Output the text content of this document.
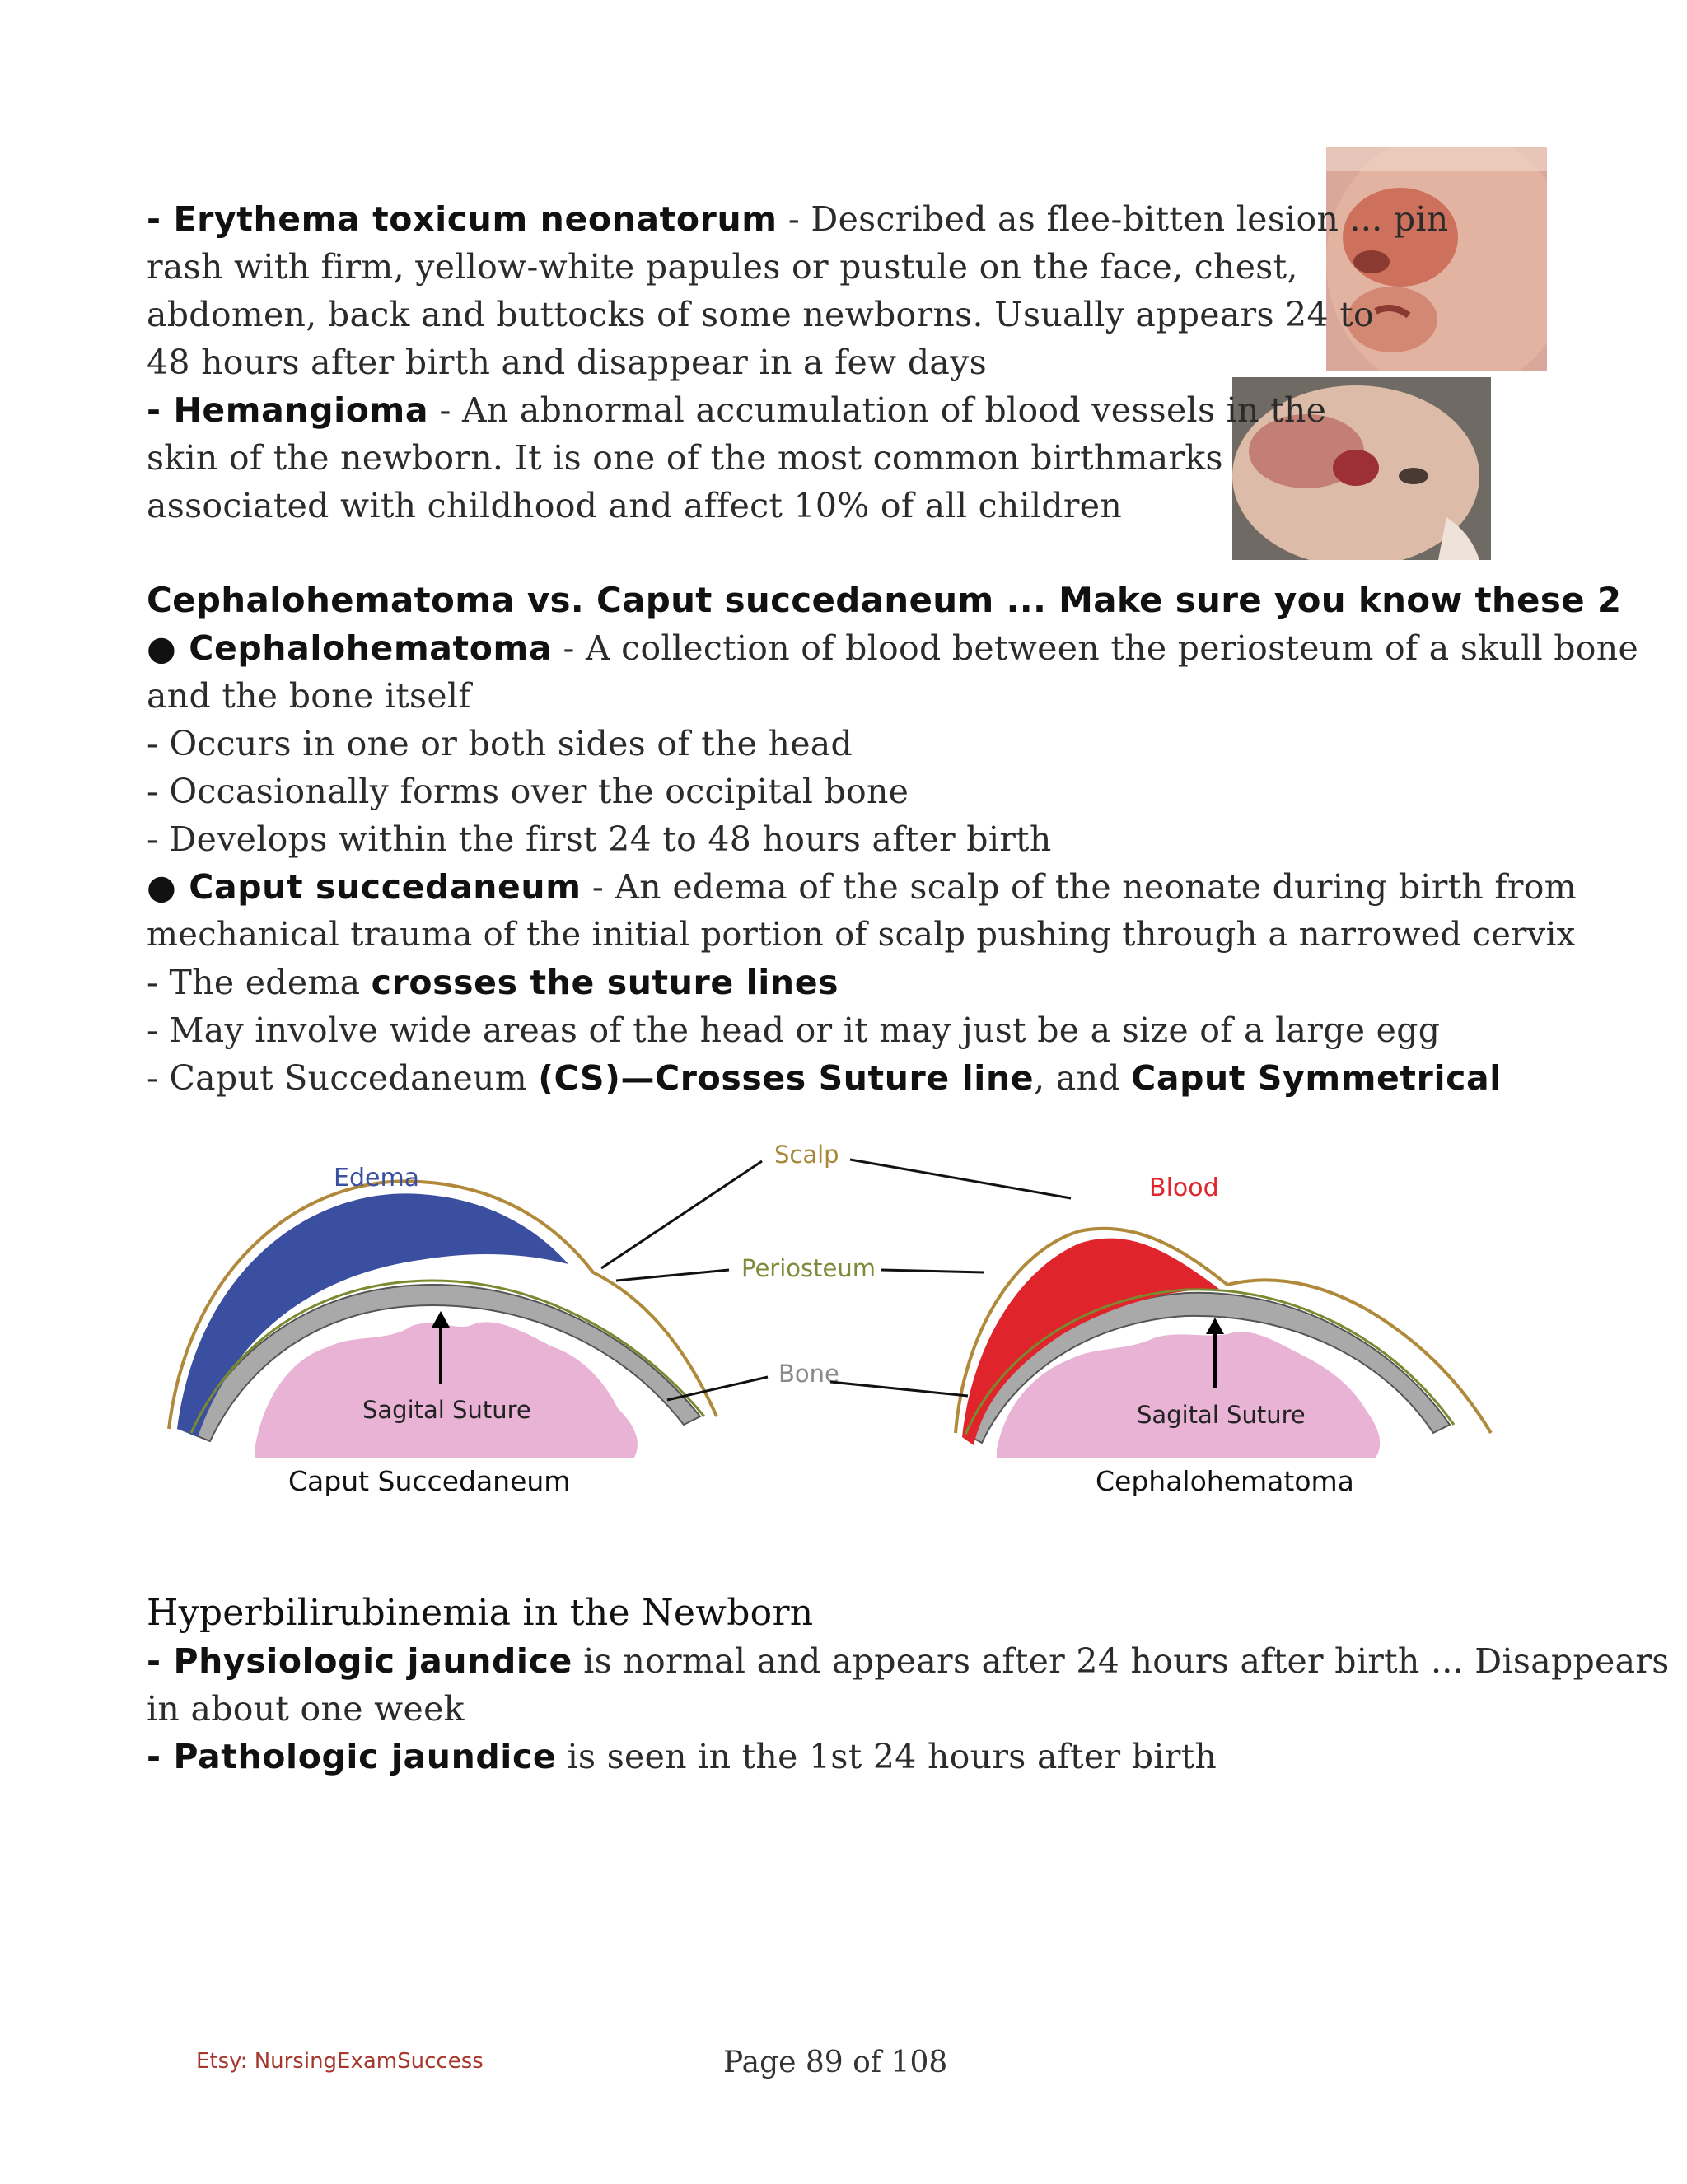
- Erythema toxicum neonatorum - Described as flee-bitten lesion ... pin
rash with firm, yellow-white papules or pustule on the face, chest,
abdomen, back and buttocks of some newborns. Usually appears 24 to
48 hours after birth and disappear in a few days
- Hemangioma - An abnormal accumulation of blood vessels in the
skin of the newborn. It is one of the most common birthmarks
associated with childhood and affect 10% of all children
Cephalohematoma vs. Caput succedaneum ... Make sure you know these 2
● Cephalohematoma - A collection of blood between the periosteum of a skull bone
and the bone itself
- Occurs in one or both sides of the head
- Occasionally forms over the occipital bone
- Develops within the first 24 to 48 hours after birth
● Caput succedaneum - An edema of the scalp of the neonate during birth from
mechanical trauma of the initial portion of scalp pushing through a narrowed cervix
- The edema crosses the suture lines
- May involve wide areas of the head or it may just be a size of a large egg
- Caput Succedaneum (CS)—Crosses Suture line, and Caput Symmetrical
Edema
Sagital Suture
Caput Succedaneum
Blood
Sagital Suture
Cephalohematoma
Scalp
Periosteum
Bone
Hyperbilirubinemia in the Newborn
- Physiologic jaundice is normal and appears after 24 hours after birth ... Disappears
in about one week
- Pathologic jaundice is seen in the 1st 24 hours after birth
Etsy: NursingExamSuccess	Page 89 of 108
